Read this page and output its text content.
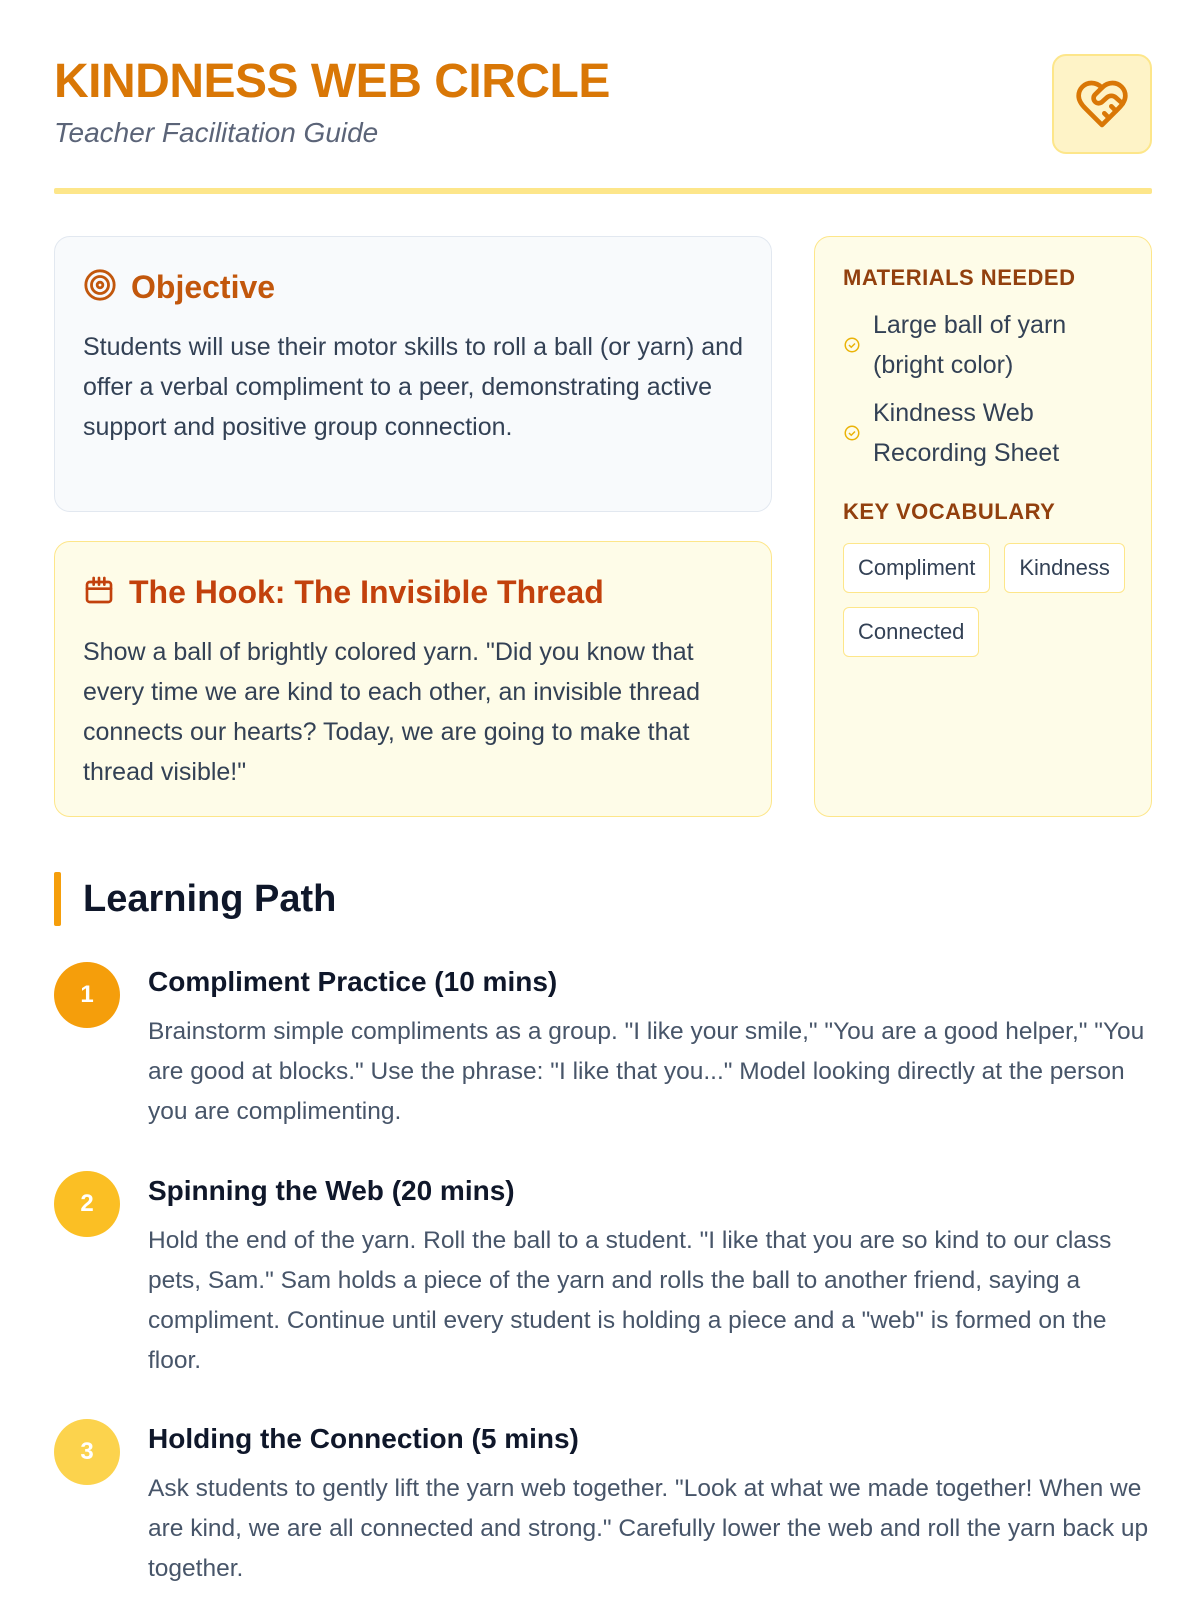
KINDNESS WEB CIRCLE
Teacher Facilitation Guide
Objective

Students will use their motor skills to roll a ball (or yarn) and offer a verbal compliment to a peer, demonstrating active support and positive group connection.

The Hook: The Invisible Thread

Show a ball of brightly colored yarn. "Did you know that every time we are kind to each other, an invisible thread connects our hearts? Today, we are going to make that thread visible!"

MATERIALS NEEDED
Large ball of yarn (bright color)
Kindness Web Recording Sheet
KEY VOCABULARY
Compliment	Kindness
Connected
Learning Path
1	Compliment Practice (10 mins)

Brainstorm simple compliments as a group. "I like your smile," "You are a good helper," "You are good at blocks." Use the phrase: "I like that you..." Model looking directly at the person you are complimenting.

2	Spinning the Web (20 mins)

Hold the end of the yarn. Roll the ball to a student. "I like that you are so kind to our class pets, Sam." Sam holds a piece of the yarn and rolls the ball to another friend, saying a compliment. Continue until every student is holding a piece and a "web" is formed on the floor.

3	Holding the Connection (5 mins)

Ask students to gently lift the yarn web together. "Look at what we made together! When we are kind, we are all connected and strong." Carefully lower the web and roll the yarn back up together.
